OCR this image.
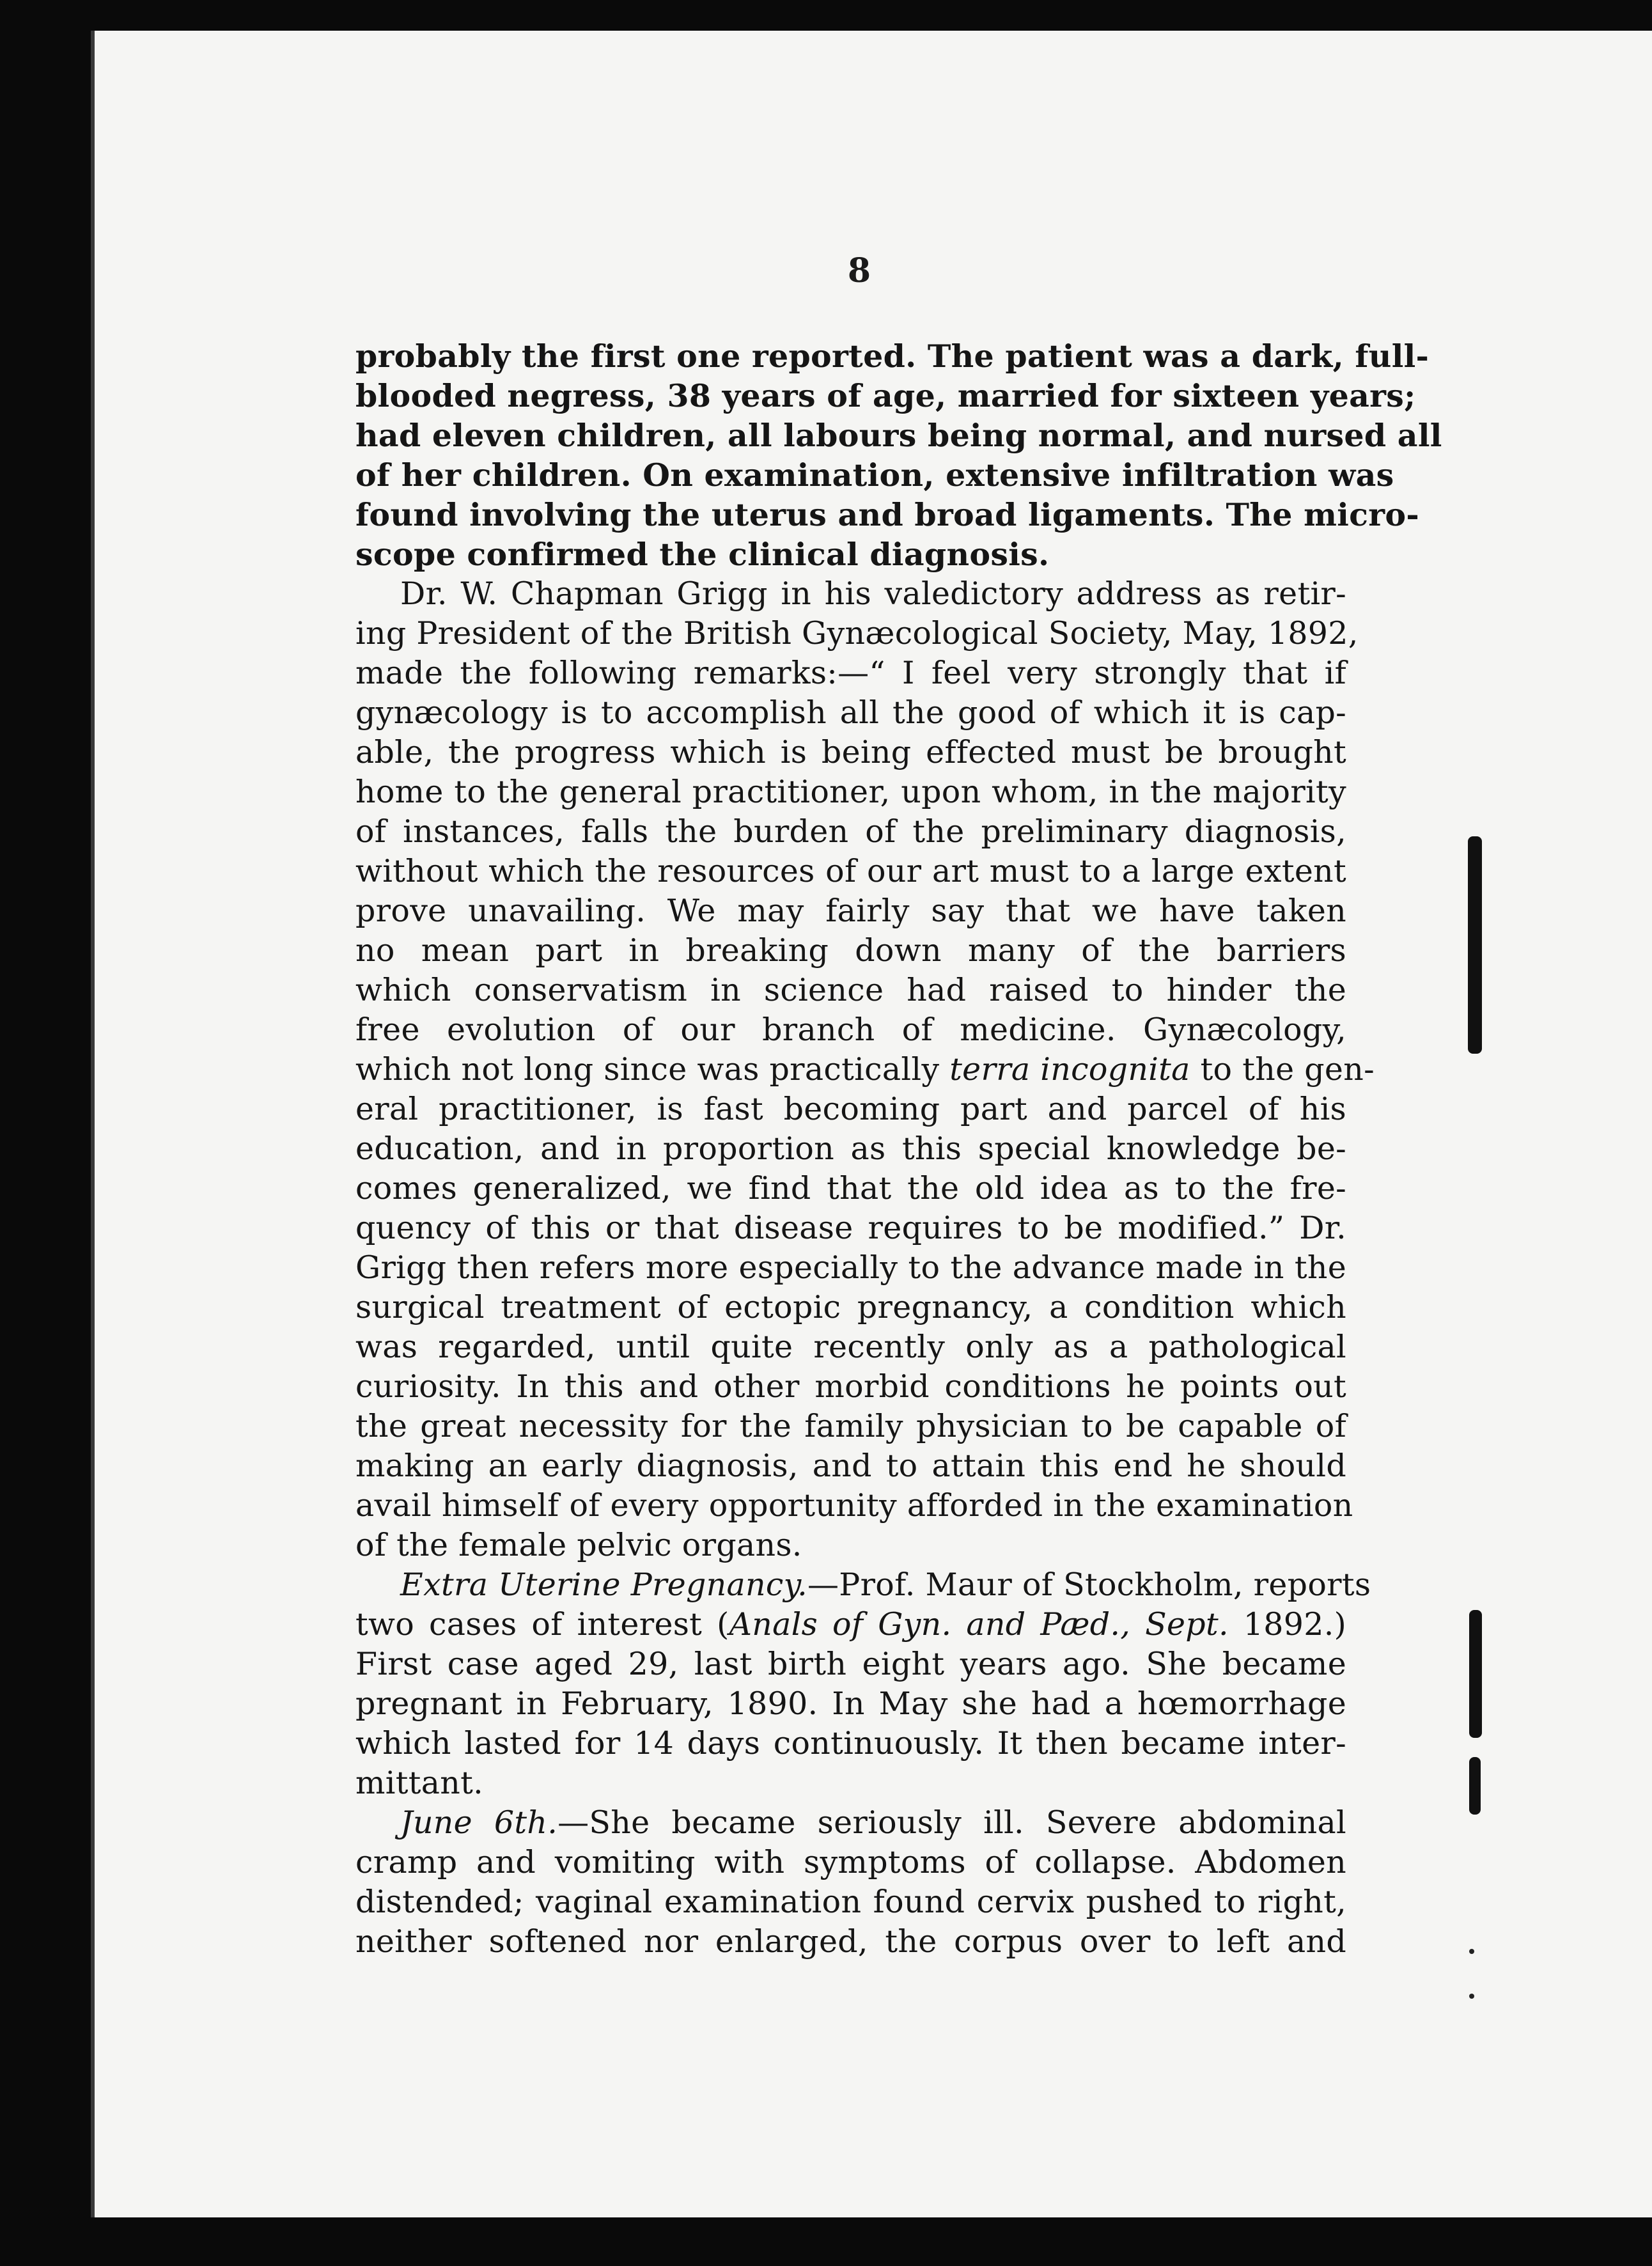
8
probably the first one reported. The patient was a dark, full-
blooded negress, 38 years of age, married for sixteen years;
had eleven children, all labours being normal, and nursed all
of her children. On examination, extensive infiltration was
found involving the uterus and broad ligaments. The micro-
scope confirmed the clinical diagnosis.
Dr. W. Chapman Grigg in his valedictory address as retir-
ing President of the British Gynæcological Society, May, 1892,
made the following remarks:—“ I feel very strongly that if
gynæcology is to accomplish all the good of which it is cap-
able, the progress which is being effected must be brought
home to the general practitioner, upon whom, in the majority
of instances, falls the burden of the preliminary diagnosis,
without which the resources of our art must to a large extent
prove unavailing. We may fairly say that we have taken
no mean part in breaking down many of the barriers
which conservatism in science had raised to hinder the
free evolution of our branch of medicine. Gynæcology,
which not long since was practically terra incognita to the gen-
eral practitioner, is fast becoming part and parcel of his
education, and in proportion as this special knowledge be-
comes generalized, we find that the old idea as to the fre-
quency of this or that disease requires to be modified.” Dr.
Grigg then refers more especially to the advance made in the
surgical treatment of ectopic pregnancy, a condition which
was regarded, until quite recently only as a pathological
curiosity. In this and other morbid conditions he points out
the great necessity for the family physician to be capable of
making an early diagnosis, and to attain this end he should
avail himself of every opportunity afforded in the examination
of the female pelvic organs.
Extra Uterine Pregnancy.—Prof. Maur of Stockholm, reports
two cases of interest (Anals of Gyn. and Pæd., Sept. 1892.)
First case aged 29, last birth eight years ago. She became
pregnant in February, 1890. In May she had a hœmorrhage
which lasted for 14 days continuously. It then became inter-
mittant.
June 6th.—She became seriously ill. Severe abdominal
cramp and vomiting with symptoms of collapse. Abdomen
distended; vaginal examination found cervix pushed to right,
neither softened nor enlarged, the corpus over to left and
